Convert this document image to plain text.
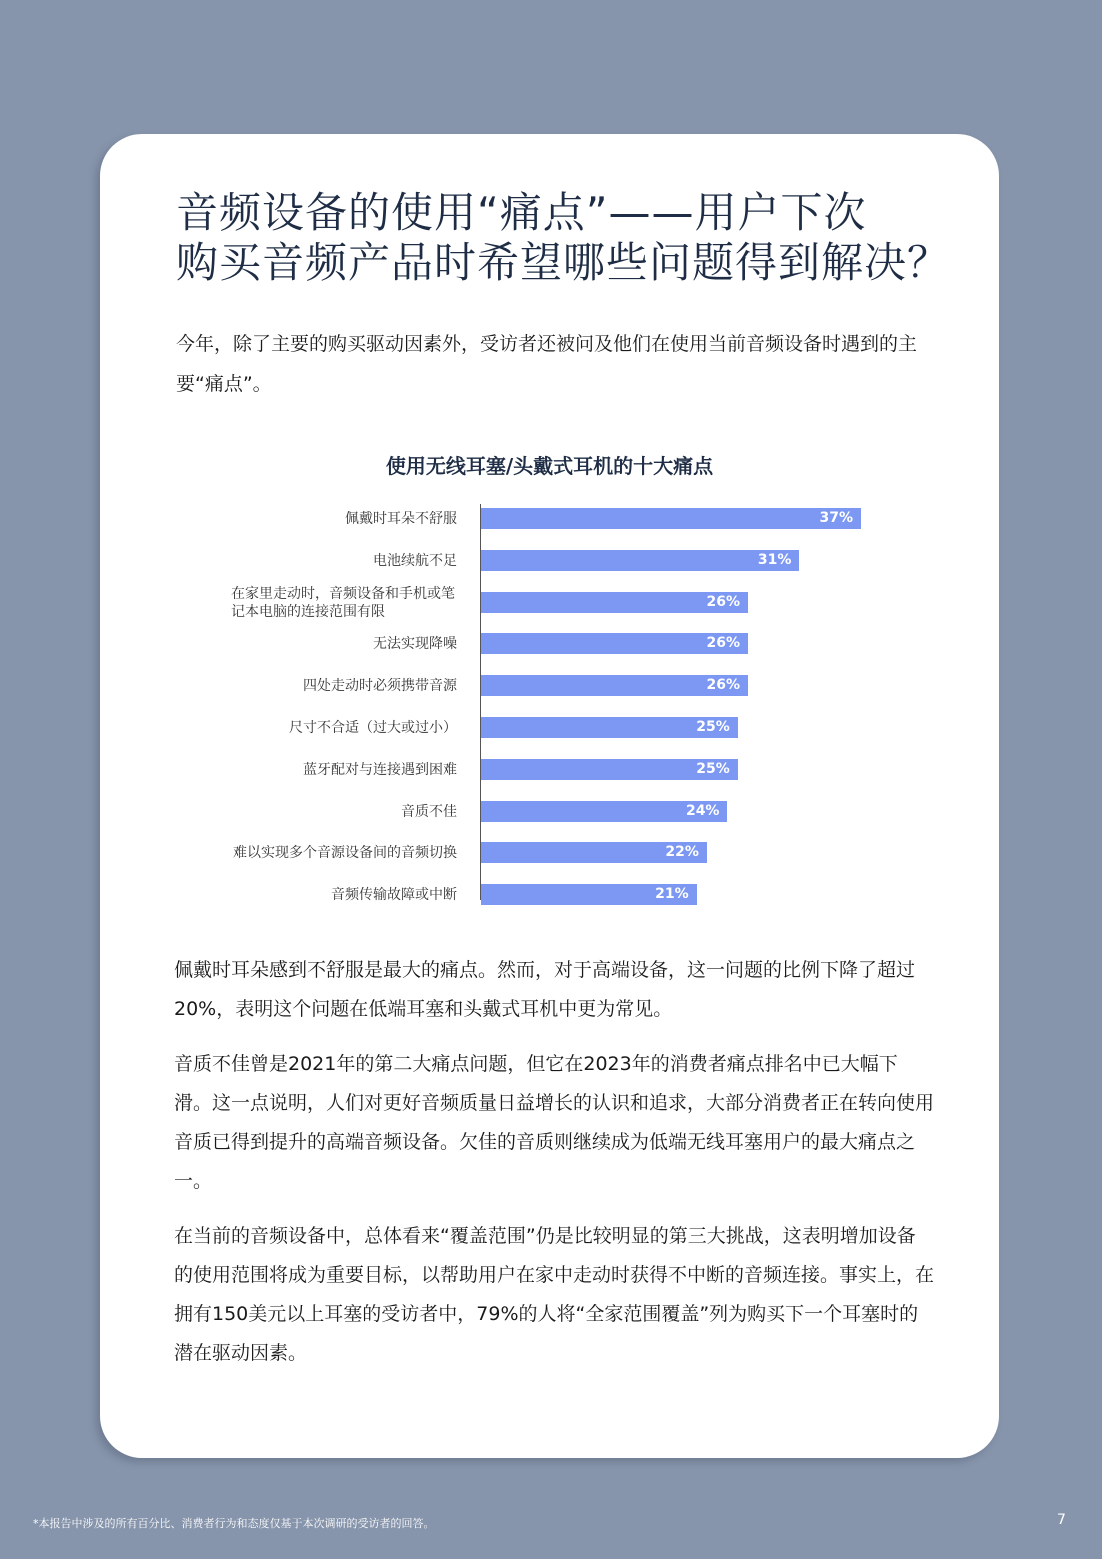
音频设备的使用“痛点”——用户下次
购买音频产品时希望哪些问题得到解决？

今年，除了主要的购买驱动因素外，受访者还被问及他们在使用当前音频设备时遇到的主要“痛点”。

使用无线耳塞/头戴式耳机的十大痛点
佩戴时耳朵不舒服	37%
电池续航不足	31%
在家里走动时，音频设备和手机或笔记本电脑的连接范围有限
26%
无法实现降噪	26%
四处走动时必须携带音源	26%
尺寸不合适（过大或过小）	25%
蓝牙配对与连接遇到困难	25%
音质不佳	24%
难以实现多个音源设备间的音频切换	22%
音频传输故障或中断	21%

佩戴时耳朵感到不舒服是最大的痛点。然而，对于高端设备，这一问题的比例下降了超过20%，表明这个问题在低端耳塞和头戴式耳机中更为常见。

音质不佳曾是2021年的第二大痛点问题，但它在2023年的消费者痛点排名中已大幅下滑。这一点说明，人们对更好音频质量日益增长的认识和追求，大部分消费者正在转向使用音质已得到提升的高端音频设备。欠佳的音质则继续成为低端无线耳塞用户的最大痛点之一。

在当前的音频设备中，总体看来“覆盖范围”仍是比较明显的第三大挑战，这表明增加设备的使用范围将成为重要目标，以帮助用户在家中走动时获得不中断的音频连接。事实上，在拥有150美元以上耳塞的受访者中，79%的人将“全家范围覆盖”列为购买下一个耳塞时的潜在驱动因素。

*本报告中涉及的所有百分比、消费者行为和态度仅基于本次调研的受访者的回答。	7
